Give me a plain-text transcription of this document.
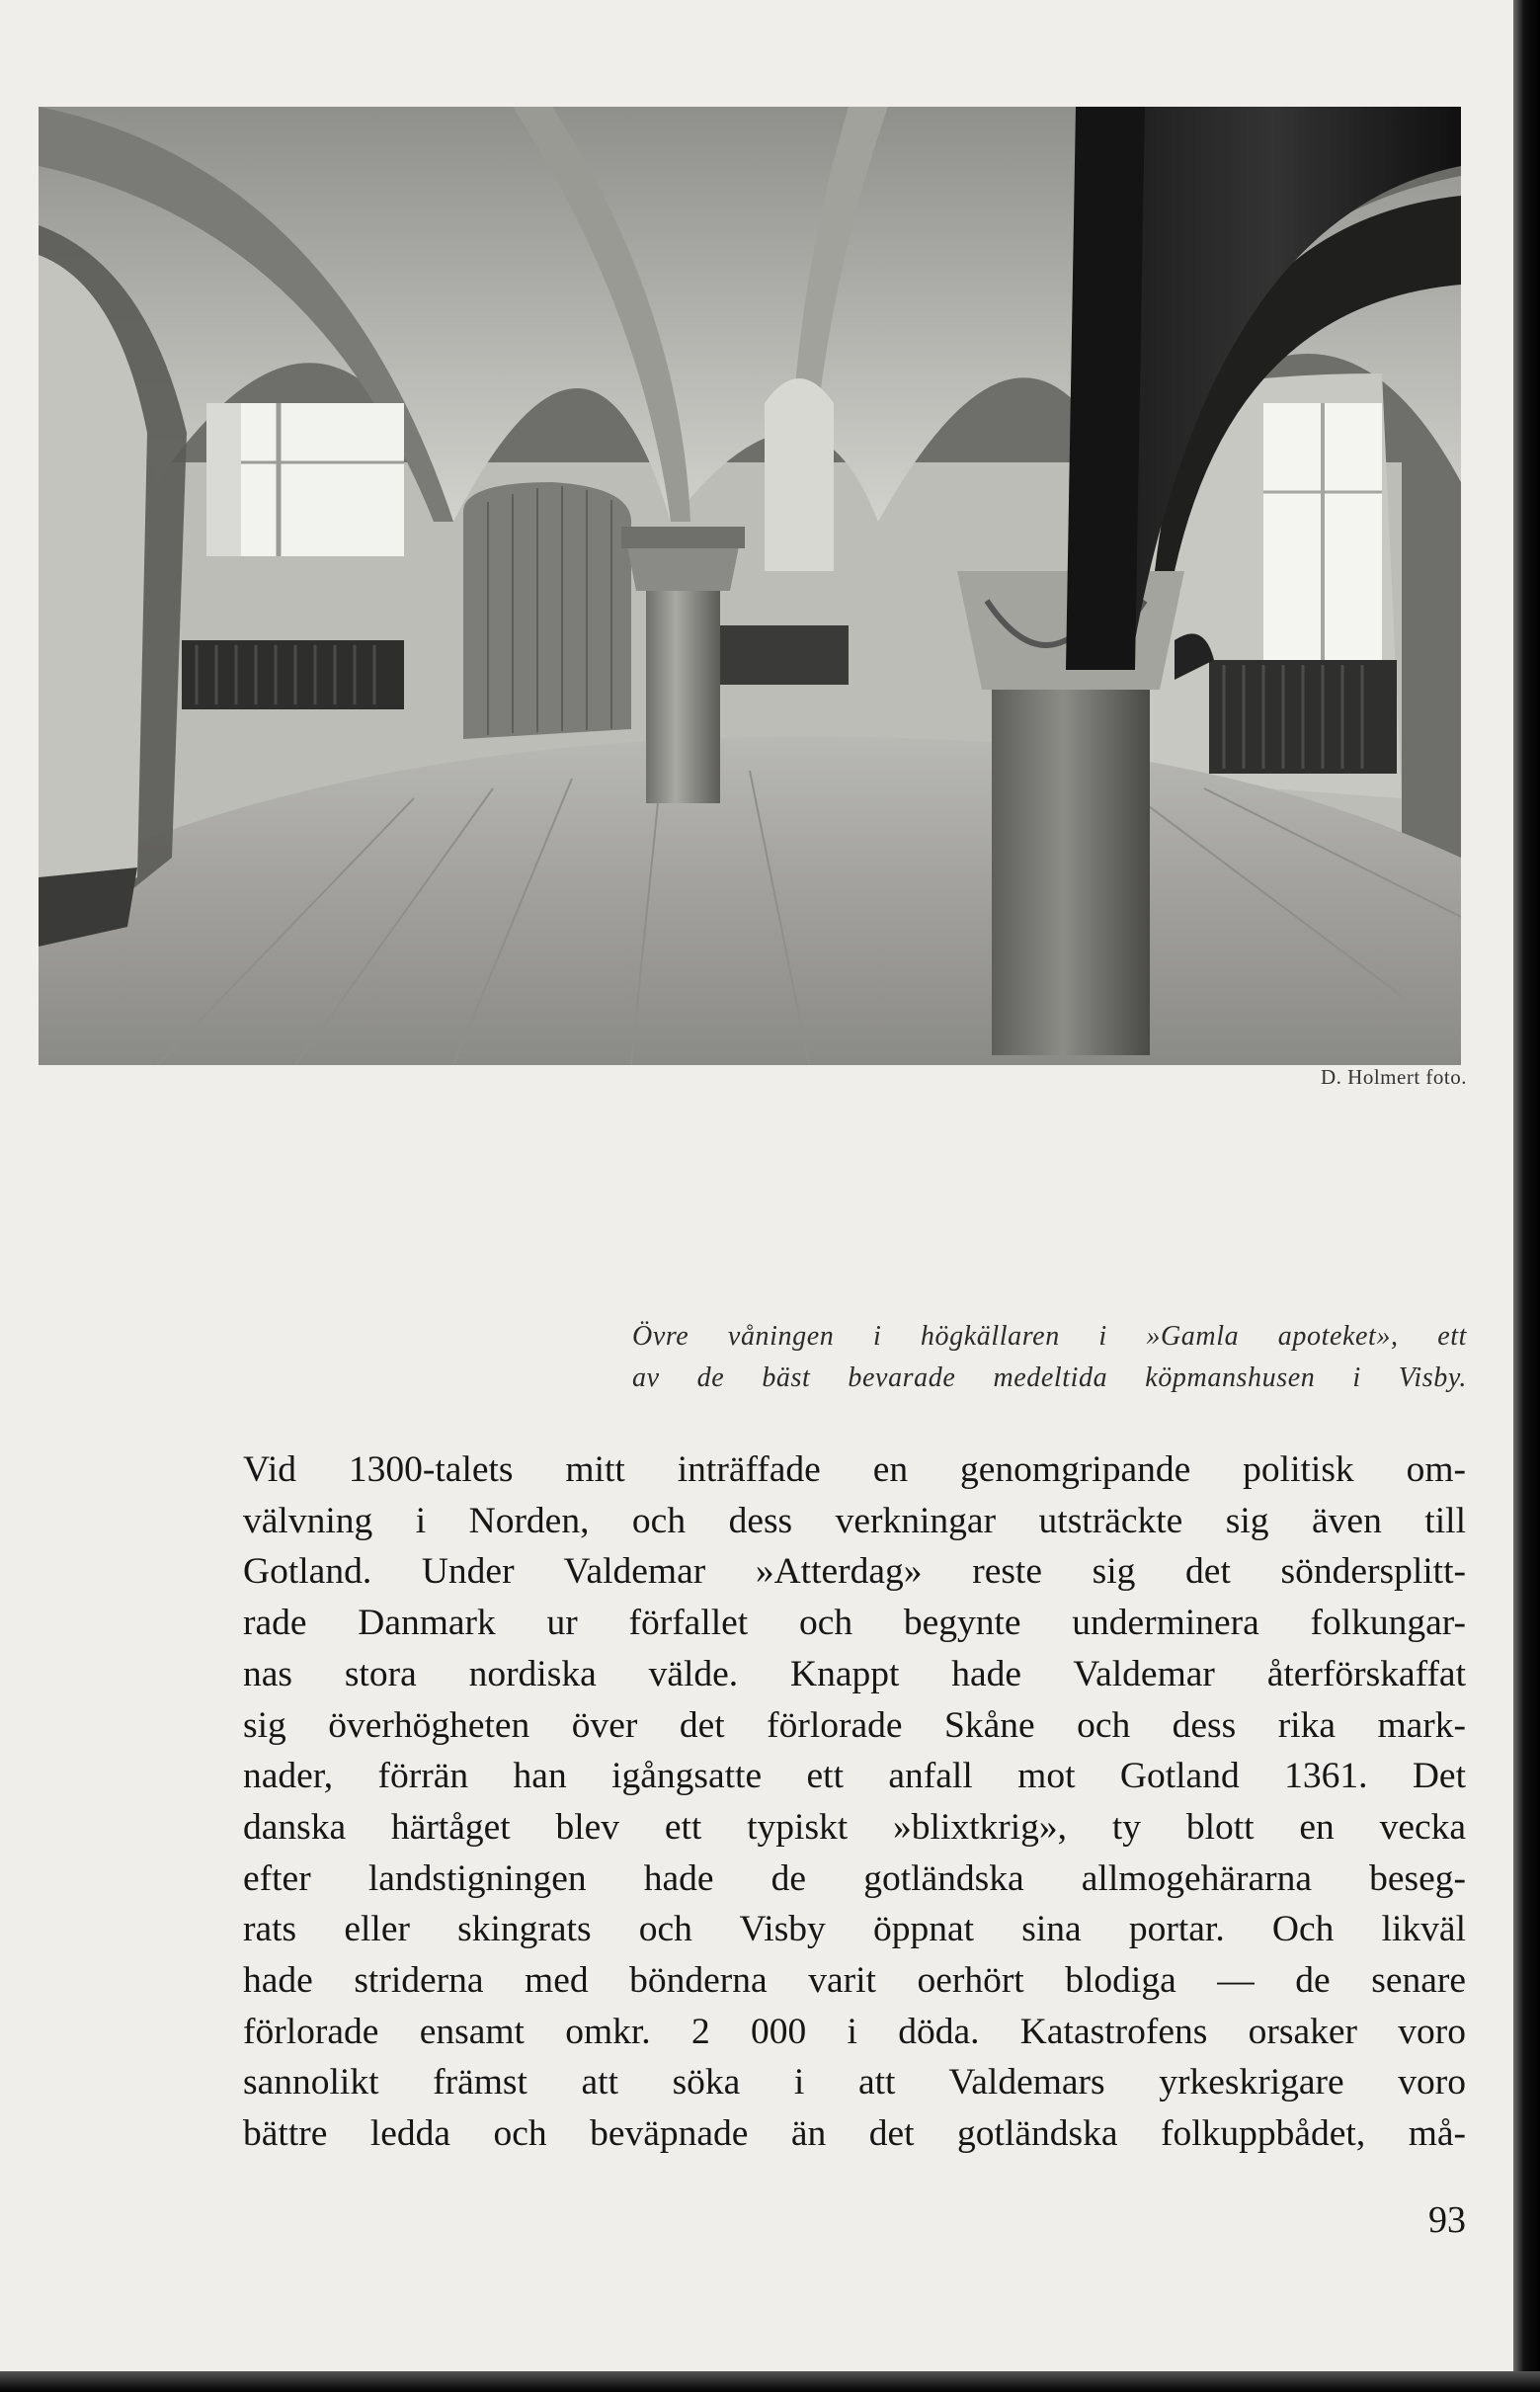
D. Holmert foto.
Övre våningen i högkällaren i »Gamla apoteket», ett
av de bäst bevarade medeltida köpmanshusen i Visby.
Vid 1300-talets mitt inträffade en genomgripande politisk om-
välvning i Norden, och dess verkningar utsträckte sig även till
Gotland. Under Valdemar »Atterdag» reste sig det söndersplitt-
rade Danmark ur förfallet och begynte underminera folkungar-
nas stora nordiska välde. Knappt hade Valdemar återförskaffat
sig överhögheten över det förlorade Skåne och dess rika mark-
nader, förrän han igångsatte ett anfall mot Gotland 1361. Det
danska härtåget blev ett typiskt »blixtkrig», ty blott en vecka
efter landstigningen hade de gotländska allmogehärarna beseg-
rats eller skingrats och Visby öppnat sina portar. Och likväl
hade striderna med bönderna varit oerhört blodiga — de senare
förlorade ensamt omkr. 2 000 i döda. Katastrofens orsaker voro
sannolikt främst att söka i att Valdemars yrkeskrigare voro
bättre ledda och beväpnade än det gotländska folkuppbådet, må-
93
